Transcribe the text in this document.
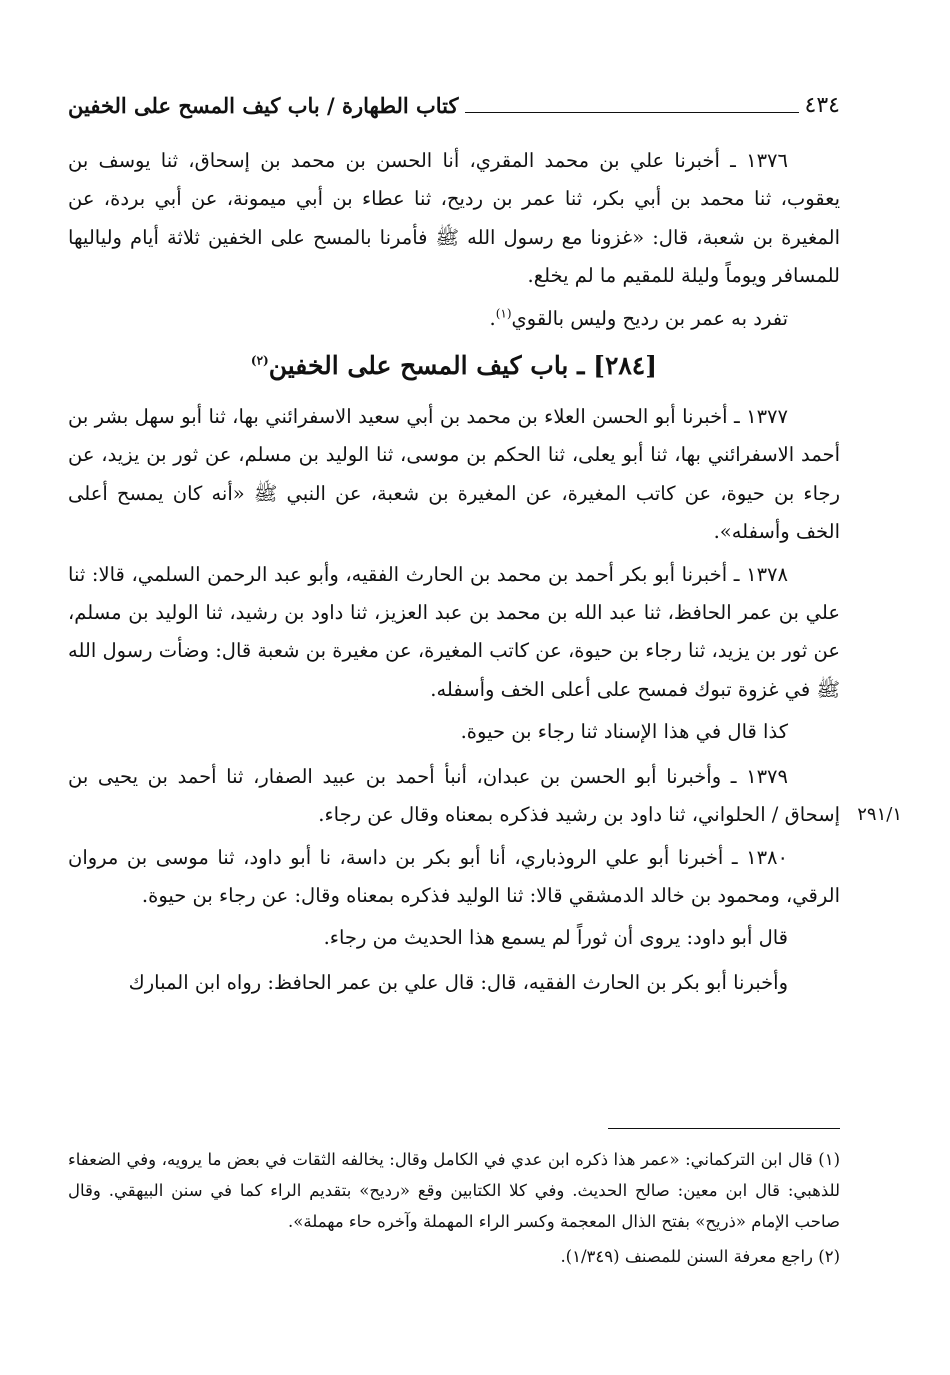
٤٣٤
كتاب الطهارة / باب كيف المسح على الخفين

١٣٧٦ ـ أخبرنا علي بن محمد المقري، أنا الحسن بن محمد بن إسحاق، ثنا يوسف بن يعقوب، ثنا محمد بن أبي بكر، ثنا عمر بن رديح، ثنا عطاء بن أبي ميمونة، عن أبي بردة، عن المغيرة بن شعبة، قال: «غزونا مع رسول الله ﷺ فأمرنا بالمسح على الخفين ثلاثة أيام ولياليها للمسافر ويوماً وليلة للمقيم ما لم يخلع.

تفرد به عمر بن رديح وليس بالقوي$^{(١)}$.

[٢٨٤] ـ باب كيف المسح على الخفين$^{(٢)}$

١٣٧٧ ـ أخبرنا أبو الحسن العلاء بن محمد بن أبي سعيد الاسفرائني بها، ثنا أبو سهل بشر بن أحمد الاسفرائني بها، ثنا أبو يعلى، ثنا الحكم بن موسى، ثنا الوليد بن مسلم، عن ثور بن يزيد، عن رجاء بن حيوة، عن كاتب المغيرة، عن المغيرة بن شعبة، عن النبي ﷺ «أنه كان يمسح أعلى الخف وأسفله».

١٣٧٨ ـ أخبرنا أبو بكر أحمد بن محمد بن الحارث الفقيه، وأبو عبد الرحمن السلمي، قالا: ثنا علي بن عمر الحافظ، ثنا عبد الله بن محمد بن عبد العزيز، ثنا داود بن رشيد، ثنا الوليد بن مسلم، عن ثور بن يزيد، ثنا رجاء بن حيوة، عن كاتب المغيرة، عن مغيرة بن شعبة قال: وضأت رسول الله ﷺ في غزوة تبوك فمسح على أعلى الخف وأسفله.

كذا قال في هذا الإسناد ثنا رجاء بن حيوة.

١٣٧٩ ـ وأخبرنا أبو الحسن بن عبدان، أنبأ أحمد بن عبيد الصفار، ثنا أحمد بن يحيى بن إسحاق / الحلواني، ثنا داود بن رشيد فذكره بمعناه وقال عن رجاء. ٢٩١/١

١٣٨٠ ـ أخبرنا أبو علي الروذباري، أنا أبو بكر بن داسة، نا أبو داود، ثنا موسى بن مروان الرقي، ومحمود بن خالد الدمشقي قالا: ثنا الوليد فذكره بمعناه وقال: عن رجاء بن حيوة.

قال أبو داود: يروى أن ثوراً لم يسمع هذا الحديث من رجاء.

وأخبرنا أبو بكر بن الحارث الفقيه، قال: قال علي بن عمر الحافظ: رواه ابن المبارك

(١) قال ابن التركماني: «عمر هذا ذكره ابن عدي في الكامل وقال: يخالفه الثقات في بعض ما يرويه، وفي الضعفاء للذهبي: قال ابن معين: صالح الحديث. وفي كلا الكتابين وقع «رديح» بتقديم الراء كما في سنن البيهقي. وقال صاحب الإمام «ذريح» بفتح الذال المعجمة وكسر الراء المهملة وآخره حاء مهملة».

(٢) راجع معرفة السنن للمصنف (١/٣٤٩).
